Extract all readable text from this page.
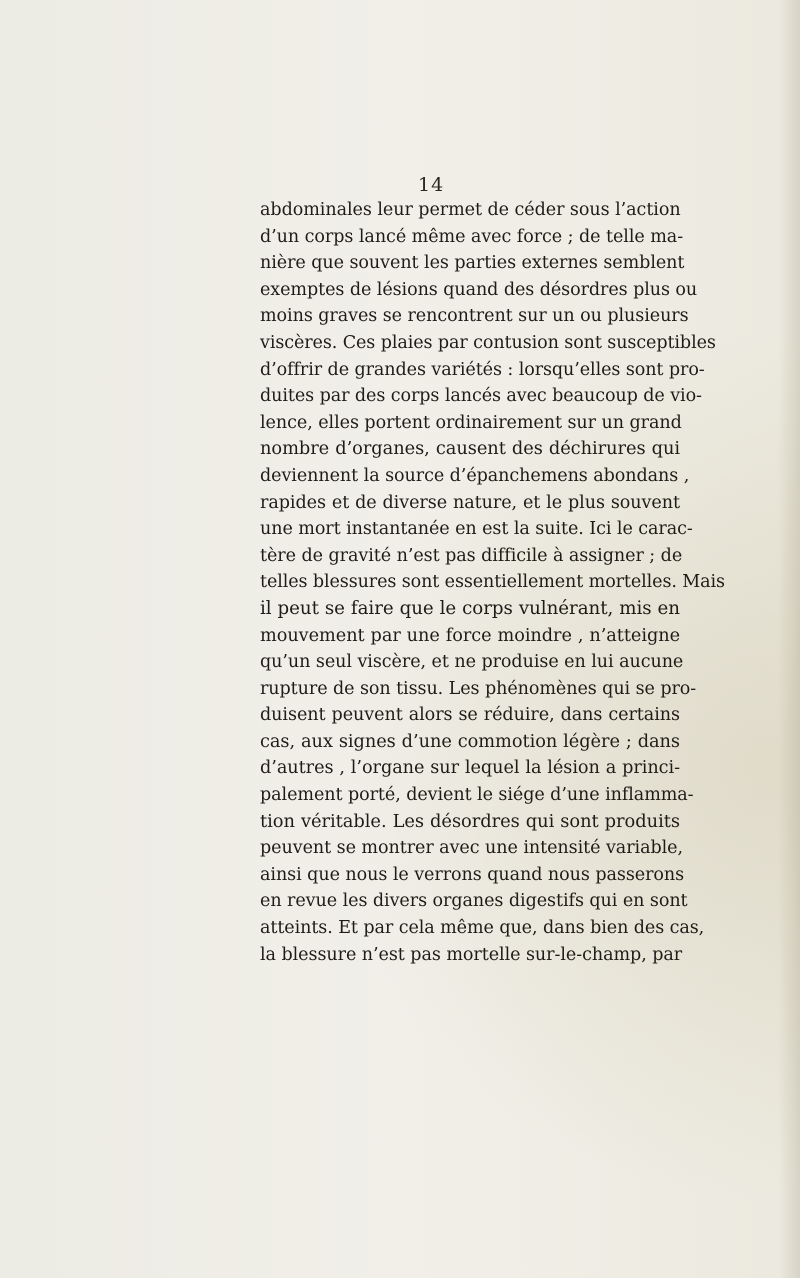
14
abdominales leur permet de céder sous l’action
d’un corps lancé même avec force ; de telle ma-
nière que souvent les parties externes semblent
exemptes de lésions quand des désordres plus ou
moins graves se rencontrent sur un ou plusieurs
viscères. Ces plaies par contusion sont susceptibles
d’offrir de grandes variétés : lorsqu’elles sont pro-
duites par des corps lancés avec beaucoup de vio-
lence, elles portent ordinairement sur un grand
nombre d’organes, causent des déchirures qui
deviennent la source d’épanchemens abondans ,
rapides et de diverse nature, et le plus souvent
une mort instantanée en est la suite. Ici le carac-
tère de gravité n’est pas difficile à assigner ; de
telles blessures sont essentiellement mortelles. Mais
il peut se faire que le corps vulnérant, mis en
mouvement par une force moindre , n’atteigne
qu’un seul viscère, et ne produise en lui aucune
rupture de son tissu. Les phénomènes qui se pro-
duisent peuvent alors se réduire, dans certains
cas, aux signes d’une commotion légère ; dans
d’autres , l’organe sur lequel la lésion a princi-
palement porté, devient le siége d’une inflamma-
tion véritable. Les désordres qui sont produits
peuvent se montrer avec une intensité variable,
ainsi que nous le verrons quand nous passerons
en revue les divers organes digestifs qui en sont
atteints. Et par cela même que, dans bien des cas,
la blessure n’est pas mortelle sur-le-champ, par
